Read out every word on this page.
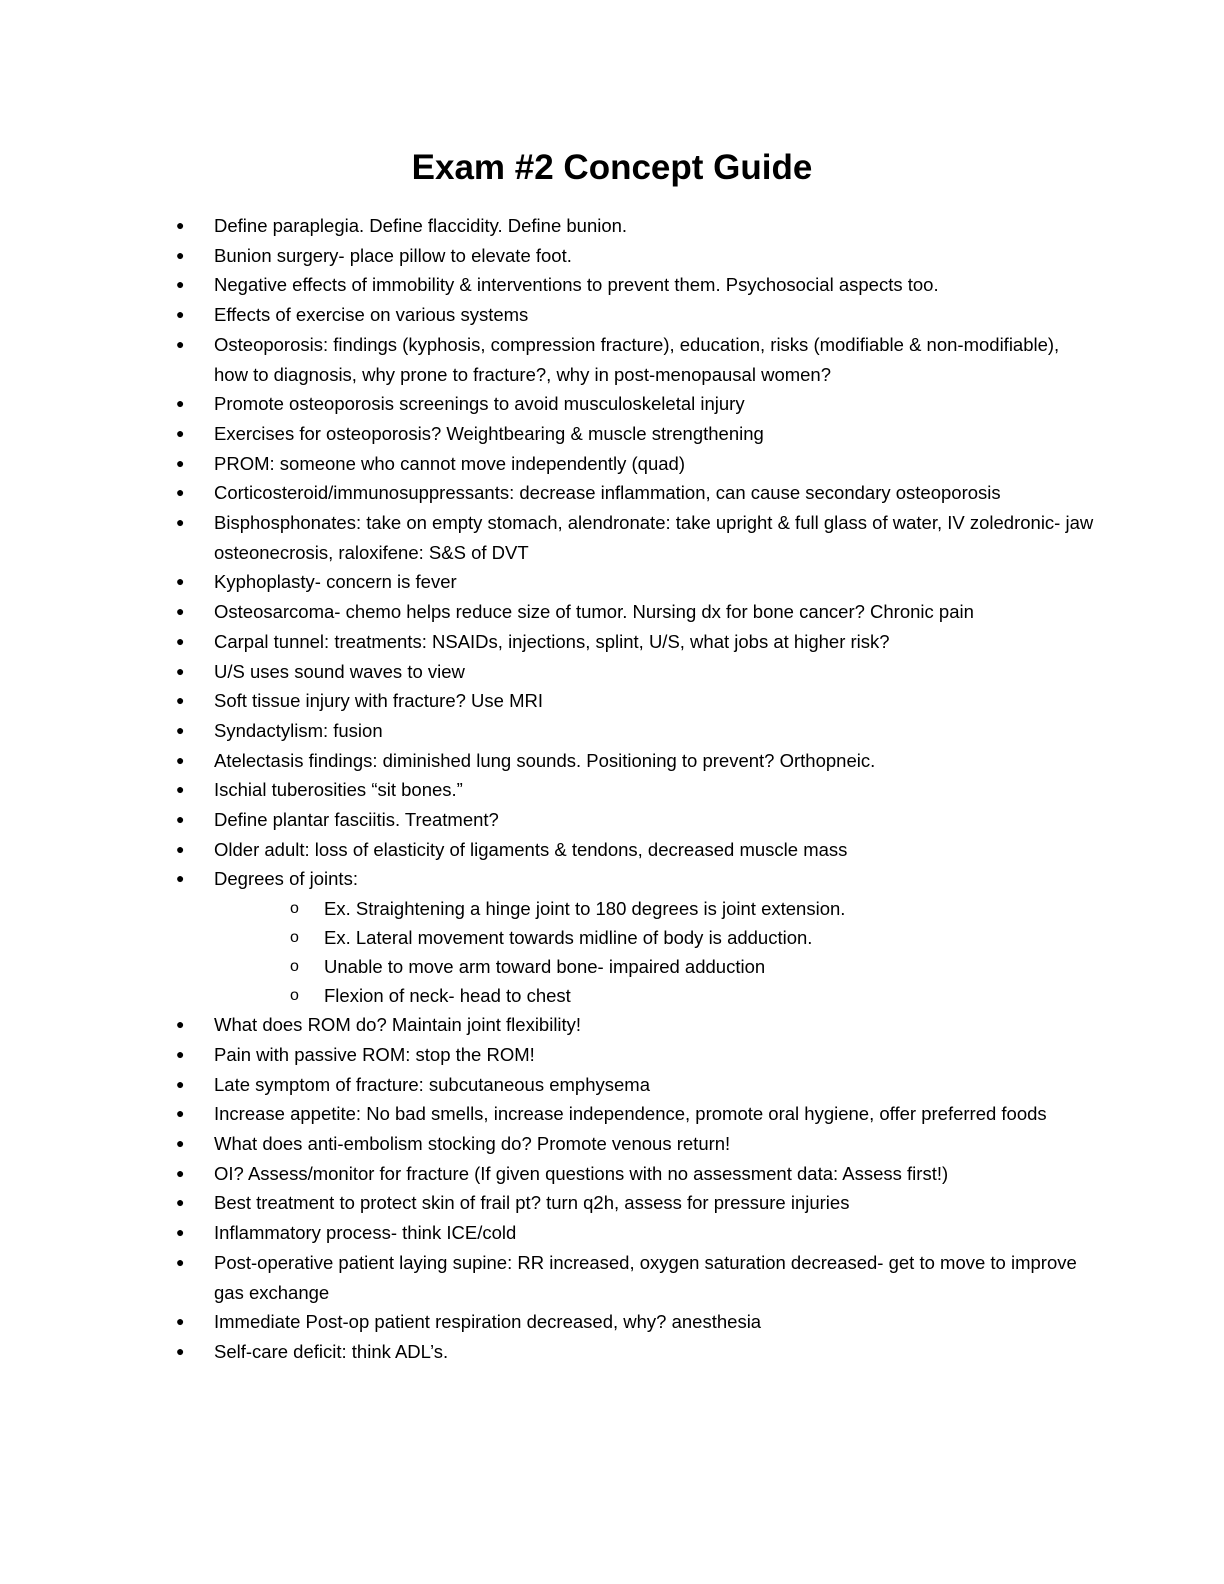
Exam #2 Concept Guide
●	Define paraplegia. Define flaccidity. Define bunion.
●	Bunion surgery- place pillow to elevate foot.
●	Negative effects of immobility & interventions to prevent them. Psychosocial aspects too.
●	Effects of exercise on various systems
●	Osteoporosis: findings (kyphosis, compression fracture), education, risks (modifiable & non-modifiable), how to diagnosis, why prone to fracture?, why in post-menopausal women?
●	Promote osteoporosis screenings to avoid musculoskeletal injury
●	Exercises for osteoporosis? Weightbearing & muscle strengthening
●	PROM: someone who cannot move independently (quad)
●	Corticosteroid/immunosuppressants: decrease inflammation, can cause secondary osteoporosis
●	Bisphosphonates: take on empty stomach, alendronate: take upright & full glass of water, IV zoledronic- jaw osteonecrosis, raloxifene: S&S of DVT
●	Kyphoplasty- concern is fever
●	Osteosarcoma- chemo helps reduce size of tumor. Nursing dx for bone cancer? Chronic pain
●	Carpal tunnel: treatments: NSAIDs, injections, splint, U/S, what jobs at higher risk?
●	U/S uses sound waves to view
●	Soft tissue injury with fracture? Use MRI
●	Syndactylism: fusion
●	Atelectasis findings: diminished lung sounds. Positioning to prevent? Orthopneic.
●	Ischial tuberosities “sit bones.”
●	Define plantar fasciitis. Treatment?
●	Older adult: loss of elasticity of ligaments & tendons, decreased muscle mass
●	Degrees of joints:
o	Ex. Straightening a hinge joint to 180 degrees is joint extension.
o	Ex. Lateral movement towards midline of body is adduction.
o	Unable to move arm toward bone- impaired adduction
o	Flexion of neck- head to chest
●	What does ROM do? Maintain joint flexibility!
●	Pain with passive ROM: stop the ROM!
●	Late symptom of fracture: subcutaneous emphysema
●	Increase appetite: No bad smells, increase independence, promote oral hygiene, offer preferred foods
●	What does anti-embolism stocking do? Promote venous return!
●	OI? Assess/monitor for fracture (If given questions with no assessment data: Assess first!)
●	Best treatment to protect skin of frail pt? turn q2h, assess for pressure injuries
●	Inflammatory process- think ICE/cold
●	Post-operative patient laying supine: RR increased, oxygen saturation decreased- get to move to improve gas exchange
●	Immediate Post-op patient respiration decreased, why? anesthesia
●	Self-care deficit: think ADL’s.
